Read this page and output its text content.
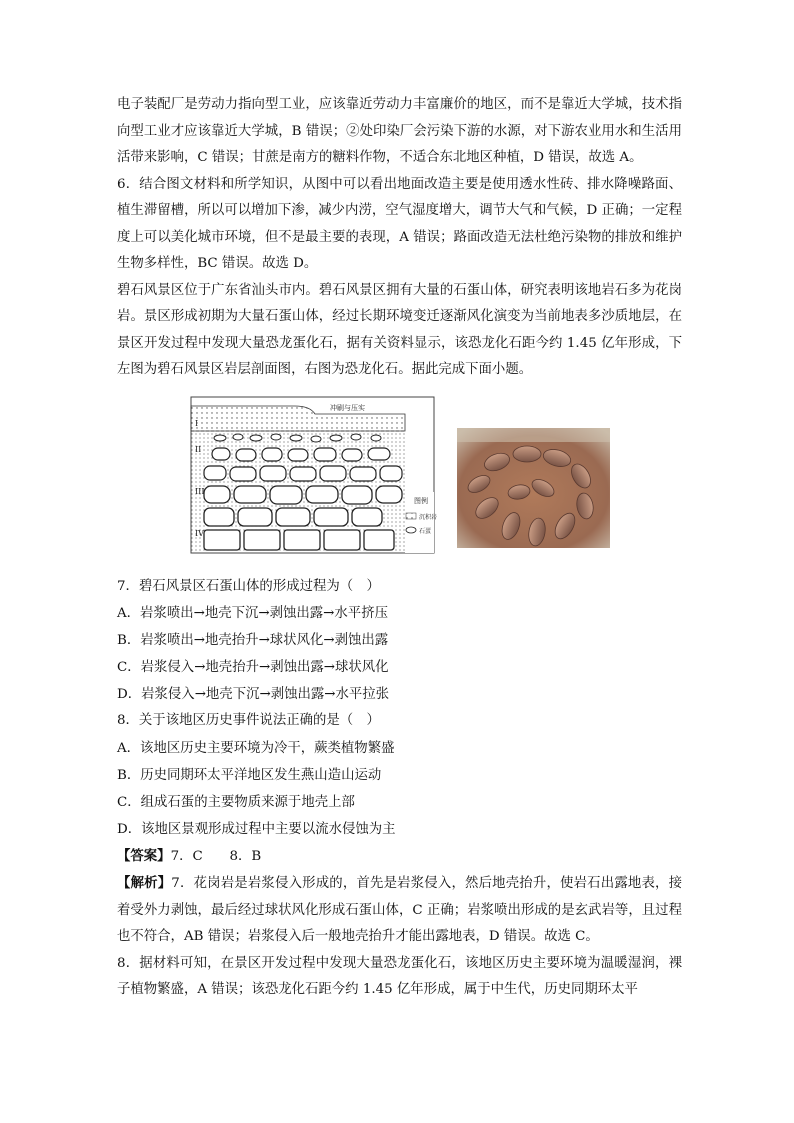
电子装配厂是劳动力指向型工业，应该靠近劳动力丰富廉价的地区，而不是靠近大学城，技术指向型工业才应该靠近大学城，B 错误；②处印染厂会污染下游的水源，对下游农业用水和生活用活带来影响，C 错误；甘蔗是南方的糖料作物，不适合东北地区种植，D 错误，故选 A。

6．结合图文材料和所学知识，从图中可以看出地面改造主要是使用透水性砖、排水降噪路面、植生滞留槽，所以可以增加下渗，减少内涝，空气湿度增大，调节大气和气候，D 正确；一定程度上可以美化城市环境，但不是最主要的表现，A 错误；路面改造无法杜绝污染物的排放和维护生物多样性，BC 错误。故选 D。

碧石风景区位于广东省汕头市内。碧石风景区拥有大量的石蛋山体，研究表明该地岩石多为花岗岩。景区形成初期为大量石蛋山体，经过长期环境变迁逐渐风化演变为当前地表多沙质地层，在景区开发过程中发现大量恐龙蛋化石，据有关资料显示，该恐龙化石距今约 1.45 亿年形成，下左图为碧石风景区岩层剖面图，右图为恐龙化石。据此完成下面小题。

冲刷与压实
I
II
III
IV
图例
沉积岩
石蛋

7．碧石风景区石蛋山体的形成过程为（　）

A．岩浆喷出→地壳下沉→剥蚀出露→水平挤压

B．岩浆喷出→地壳抬升→球状风化→剥蚀出露

C．岩浆侵入→地壳抬升→剥蚀出露→球状风化

D．岩浆侵入→地壳下沉→剥蚀出露→水平拉张

8．关于该地区历史事件说法正确的是（　）

A．该地区历史主要环境为冷干，蕨类植物繁盛

B．历史同期环太平洋地区发生燕山造山运动

C．组成石蛋的主要物质来源于地壳上部

D．该地区景观形成过程中主要以流水侵蚀为主

【答案】7．C　　8．B

【解析】7．花岗岩是岩浆侵入形成的，首先是岩浆侵入，然后地壳抬升，使岩石出露地表，接着受外力剥蚀，最后经过球状风化形成石蛋山体，C 正确；岩浆喷出形成的是玄武岩等，且过程也不符合，AB 错误；岩浆侵入后一般地壳抬升才能出露地表，D 错误。故选 C。

8．据材料可知，在景区开发过程中发现大量恐龙蛋化石，该地区历史主要环境为温暖湿润，裸子植物繁盛，A 错误；该恐龙化石距今约 1.45 亿年形成，属于中生代，历史同期环太平
